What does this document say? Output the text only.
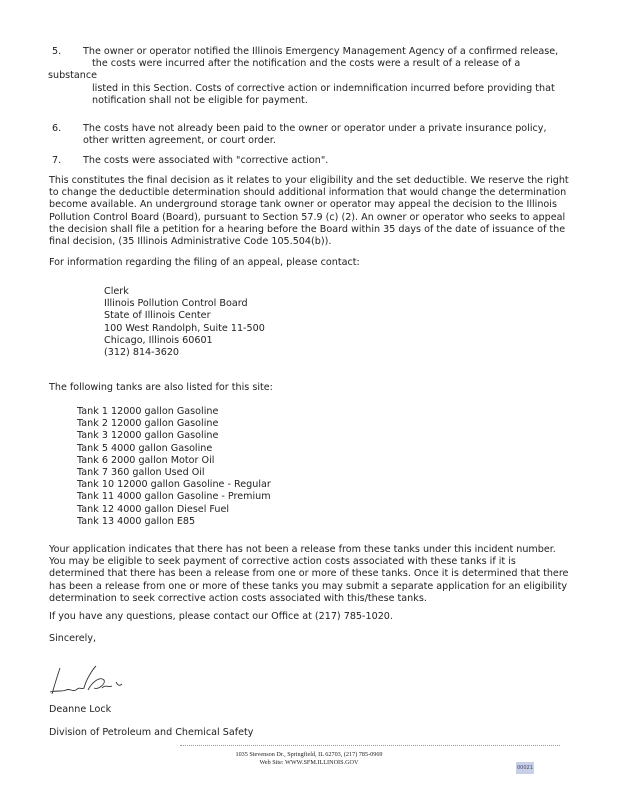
5. The owner or operator notified the Illinois Emergency Management Agency of a confirmed release,
the costs were incurred after the notification and the costs were a result of a release of a
substance
listed in this Section. Costs of corrective action or indemnification incurred before providing that
notification shall not be eligible for payment.
6. The costs have not already been paid to the owner or operator under a private insurance policy,
other written agreement, or court order.
7. The costs were associated with "corrective action".
This constitutes the final decision as it relates to your eligibility and the set deductible. We reserve the right to change the deductible determination should additional information that would change the determination become available. An underground storage tank owner or operator may appeal the decision to the Illinois Pollution Control Board (Board), pursuant to Section 57.9 (c) (2). An owner or operator who seeks to appeal the decision shall file a petition for a hearing before the Board within 35 days of the date of issuance of the final decision, (35 Illinois Administrative Code 105.504(b)).
For information regarding the filing of an appeal, please contact:
Clerk
Illinois Pollution Control Board
State of Illinois Center
100 West Randolph, Suite 11-500
Chicago, Illinois 60601
(312) 814-3620
The following tanks are also listed for this site:
Tank 1 12000 gallon Gasoline
Tank 2 12000 gallon Gasoline
Tank 3 12000 gallon Gasoline
Tank 5 4000 gallon Gasoline
Tank 6 2000 gallon Motor Oil
Tank 7 360 gallon Used Oil
Tank 10 12000 gallon Gasoline - Regular
Tank 11 4000 gallon Gasoline - Premium
Tank 12 4000 gallon Diesel Fuel
Tank 13 4000 gallon E85
Your application indicates that there has not been a release from these tanks under this incident number. You may be eligible to seek payment of corrective action costs associated with these tanks if it is determined that there has been a release from one or more of these tanks. Once it is determined that there has been a release from one or more of these tanks you may submit a separate application for an eligibility determination to seek corrective action costs associated with this/these tanks.
If you have any questions, please contact our Office at (217) 785-1020.
Sincerely,
Deanne Lock
Division of Petroleum and Chemical Safety
1035 Stevenson Dr., Springfield, IL 62703, (217) 785-0969
Web Site: WWW.SFM.ILLINOIS.GOV
00021
